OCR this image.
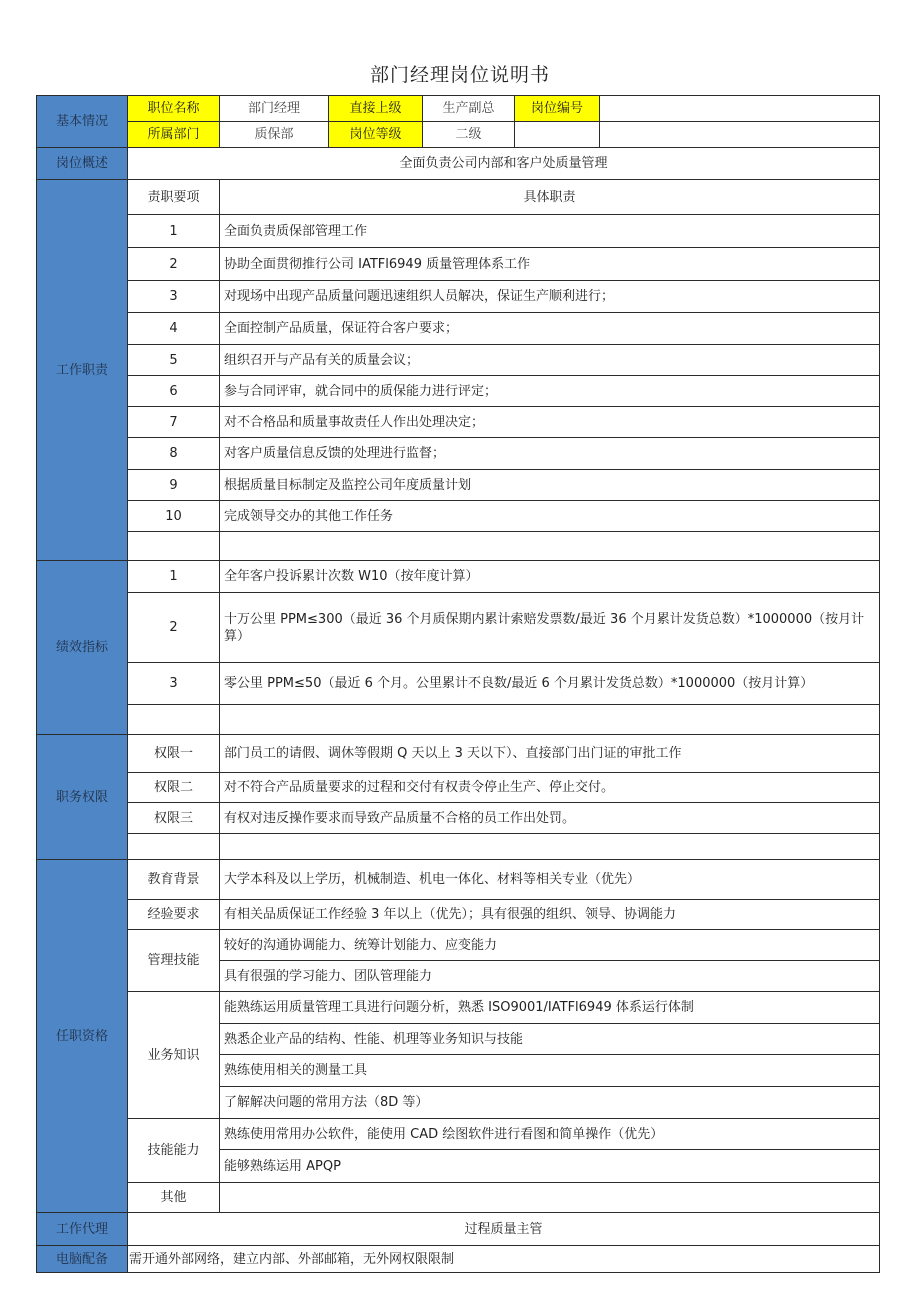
部门经理岗位说明书
基本情况	职位名称	部门经理	直接上级	生产副总	岗位编号	
	所属部门	质保部	岗位等级	二级		
岗位概述	全面负责公司内部和客户处质量管理					
工作职责	责职要项	具体职责				
	1	全面负责质保部管理工作				
	2	协助全面贯彻推行公司 IATFl6949 质量管理体系工作				
	3	对现场中出现产品质量问题迅速组织人员解决，保证生产顺利进行；				
	4	全面控制产品质量，保证符合客户要求；				
	5	组织召开与产品有关的质量会议；				
	6	参与合同评审，就合同中的质保能力进行评定；				
	7	对不合格品和质量事故责任人作出处理决定；				
	8	对客户质量信息反馈的处理进行监督；				
	9	根据质量目标制定及监控公司年度质量计划				
	10	完成领导交办的其他工作任务				

绩效指标	1	全年客户投诉累计次数 W10（按年度计算）				
	2	十万公里 PPM≤300（最近 36 个月质保期内累计索赔发票数/最近 36 个月累计发货总数）*1000000（按月计算）				
	3	零公里 PPM≤50（最近 6 个月。公里累计不良数/最近 6 个月累计发货总数）*1000000（按月计算）				

职务权限	权限一	部门员工的请假、调休等假期 Q 天以上 3 天以下）、直接部门出门证的审批工作				
	权限二	对不符合产品质量要求的过程和交付有权责令停止生产、停止交付。				
	权限三	有权对违反操作要求而导致产品质量不合格的员工作出处罚。				

任职资格	教育背景	大学本科及以上学历，机械制造、机电一体化、材料等相关专业（优先）				
	经验要求	有相关品质保证工作经验 3 年以上（优先）；具有很强的组织、领导、协调能力				
	管理技能	较好的沟通协调能力、统筹计划能力、应变能力				
		具有很强的学习能力、团队管理能力				
	业务知识	能熟练运用质量管理工具进行问题分析，熟悉 ISO9001/IATFl6949 体系运行体制				
		熟悉企业产品的结构、性能、机理等业务知识与技能				
		熟练使用相关的测量工具				
		了解解决问题的常用方法（8D 等）				
	技能能力	熟练使用常用办公软件，能使用 CAD 绘图软件进行看图和简单操作（优先）				
		能够熟练运用 APQP				

	其他					
工作代理	过程质量主管					
电脑配备	需开通外部网络，建立内部、外部邮箱，无外网权限限制					
